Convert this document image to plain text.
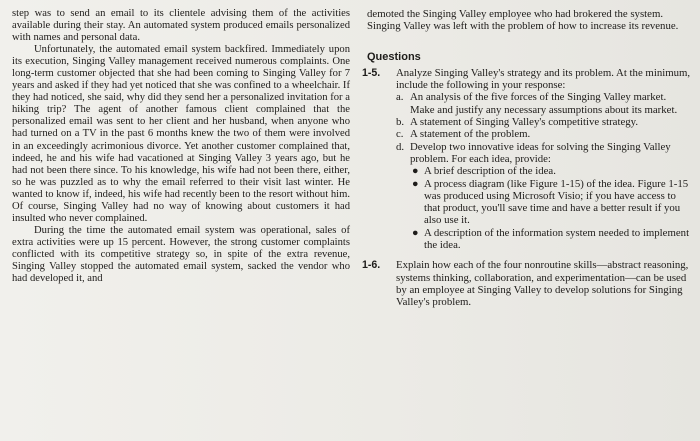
step was to send an email to its clientele advising them of the activities available during their stay. An automated system produced emails personalized with names and personal data.

Unfortunately, the automated email system backfired. Immediately upon its execution, Singing Valley management received numerous complaints. One long-term customer objected that she had been coming to Singing Valley for 7 years and asked if they had yet noticed that she was confined to a wheelchair. If they had noticed, she said, why did they send her a personalized invitation for a hiking trip? The agent of another famous client complained that the personalized email was sent to her client and her husband, when anyone who had turned on a TV in the past 6 months knew the two of them were involved in an exceedingly acrimonious divorce. Yet another customer complained that, indeed, he and his wife had vacationed at Singing Valley 3 years ago, but he had not been there since. To his knowledge, his wife had not been there, either, so he was puzzled as to why the email referred to their visit last winter. He wanted to know if, indeed, his wife had recently been to the resort without him. Of course, Singing Valley had no way of knowing about customers it had insulted who never complained.

During the time the automated email system was operational, sales of extra activities were up 15 percent. However, the strong customer complaints conflicted with its competitive strategy so, in spite of the extra revenue, Singing Valley stopped the automated email system, sacked the vendor who had developed it, and

demoted the Singing Valley employee who had brokered the system. Singing Valley was left with the problem of how to increase its revenue.

Questions
1-5. Analyze Singing Valley's strategy and its problem. At the minimum, include the following in your response:
a. An analysis of the five forces of the Singing Valley market. Make and justify any necessary assumptions about its market.
b. A statement of Singing Valley's competitive strategy.
c. A statement of the problem.
d. Develop two innovative ideas for solving the Singing Valley problem. For each idea, provide:
● A brief description of the idea.
● A process diagram (like Figure 1-15) of the idea. Figure 1-15 was produced using Microsoft Visio; if you have access to that product, you'll save time and have a better result if you also use it.
● A description of the information system needed to implement the idea.
1-6. Explain how each of the four nonroutine skills—abstract reasoning, systems thinking, collaboration, and experimentation—can be used by an employee at Singing Valley to develop solutions for Singing Valley's problem.
